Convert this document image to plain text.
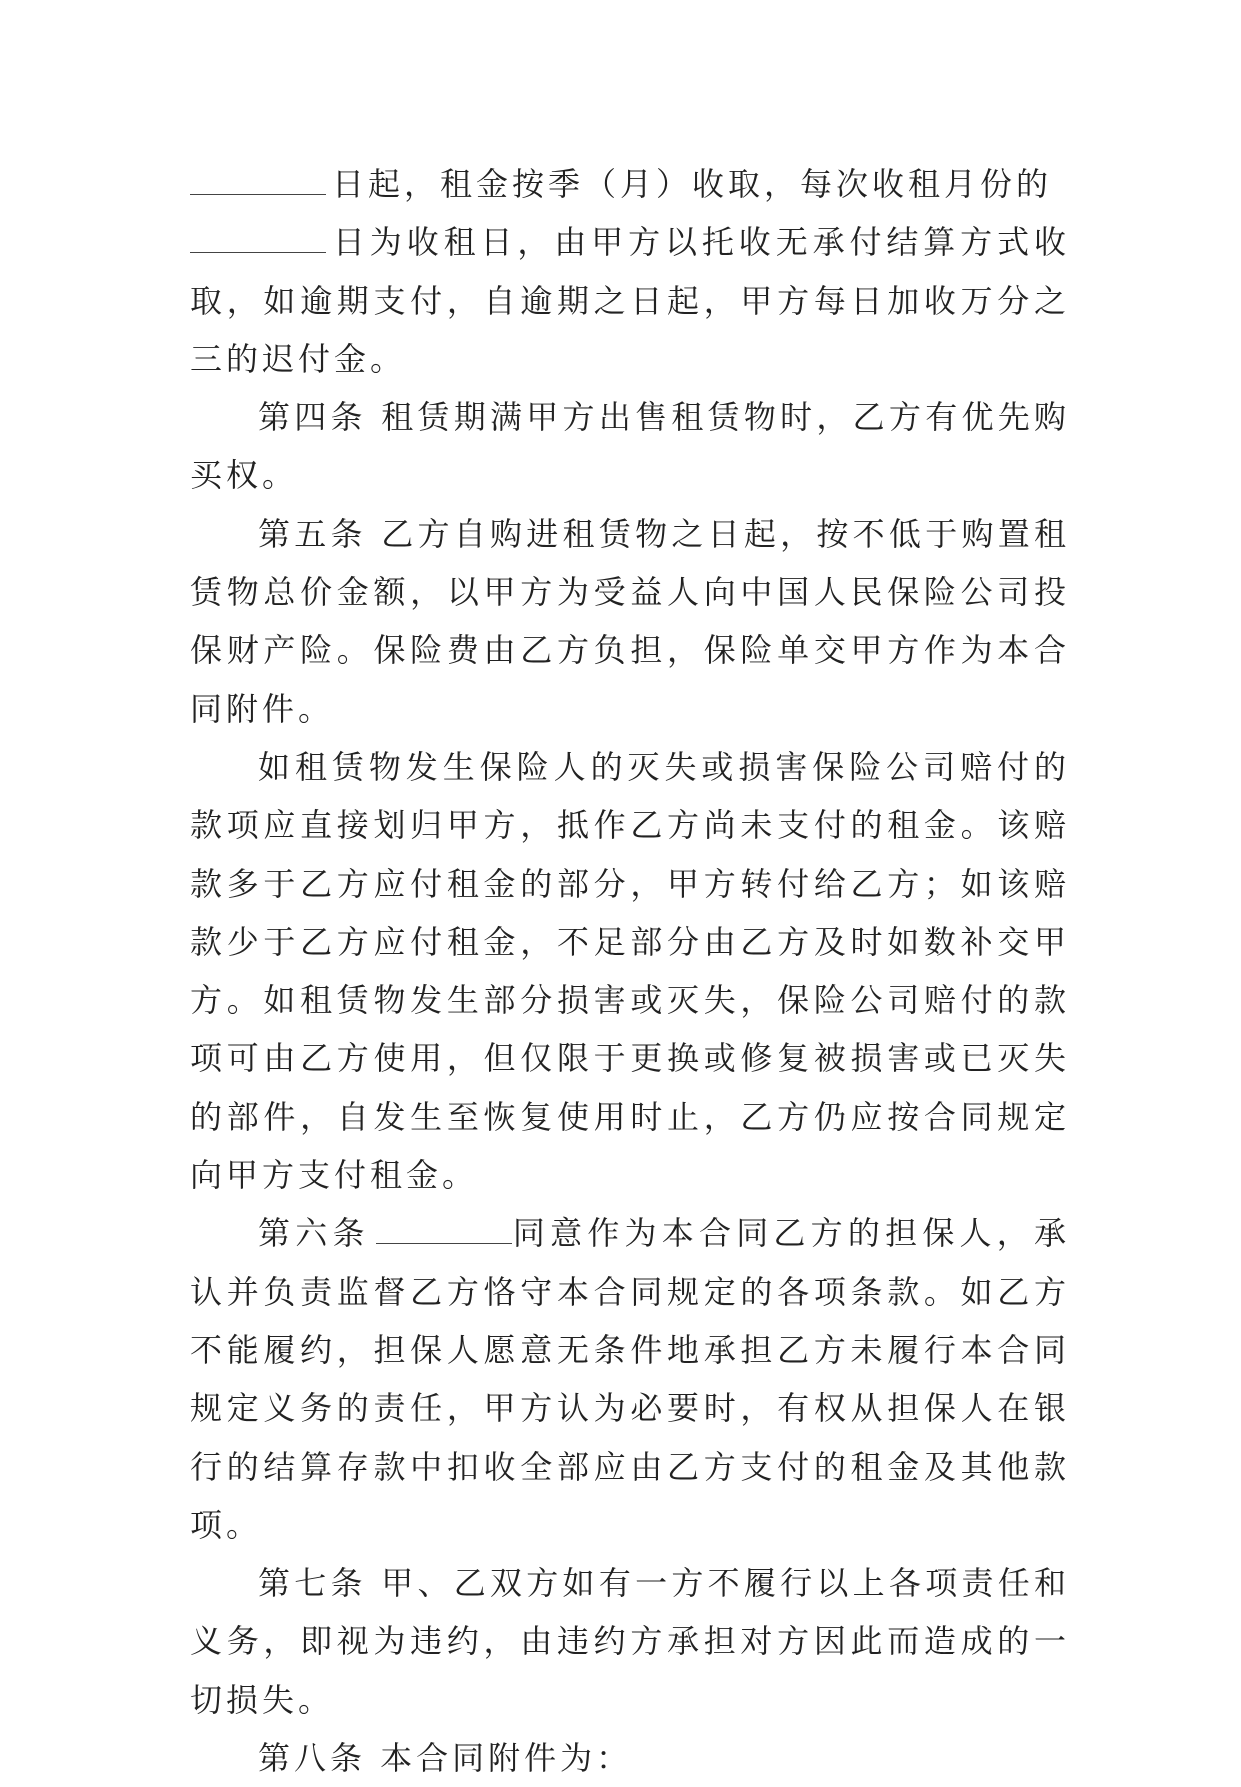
日起，租金按季（月）收取，每次收租月份的
日为收租日，由甲方以托收无承付结算方式收取，如逾期支付，自逾期之日起，甲方每日加收万分之三的迟付金。

第四条 租赁期满甲方出售租赁物时，乙方有优先购买权。

第五条 乙方自购进租赁物之日起，按不低于购置租赁物总价金额，以甲方为受益人向中国人民保险公司投保财产险。保险费由乙方负担，保险单交甲方作为本合同附件。

如租赁物发生保险人的灭失或损害保险公司赔付的款项应直接划归甲方，抵作乙方尚未支付的租金。该赔款多于乙方应付租金的部分，甲方转付给乙方；如该赔款少于乙方应付租金，不足部分由乙方及时如数补交甲方。如租赁物发生部分损害或灭失，保险公司赔付的款项可由乙方使用，但仅限于更换或修复被损害或已灭失的部件，自发生至恢复使用时止，乙方仍应按合同规定向甲方支付租金。

第六条	同意作为本合同乙方的担保人，承认并负责监督乙方恪守本合同规定的各项条款。如乙方不能履约，担保人愿意无条件地承担乙方未履行本合同规定义务的责任，甲方认为必要时，有权从担保人在银行的结算存款中扣收全部应由乙方支付的租金及其他款项。

第七条 甲、乙双方如有一方不履行以上各项责任和义务，即视为违约，由违约方承担对方因此而造成的一切损失。

第八条 本合同附件为：
